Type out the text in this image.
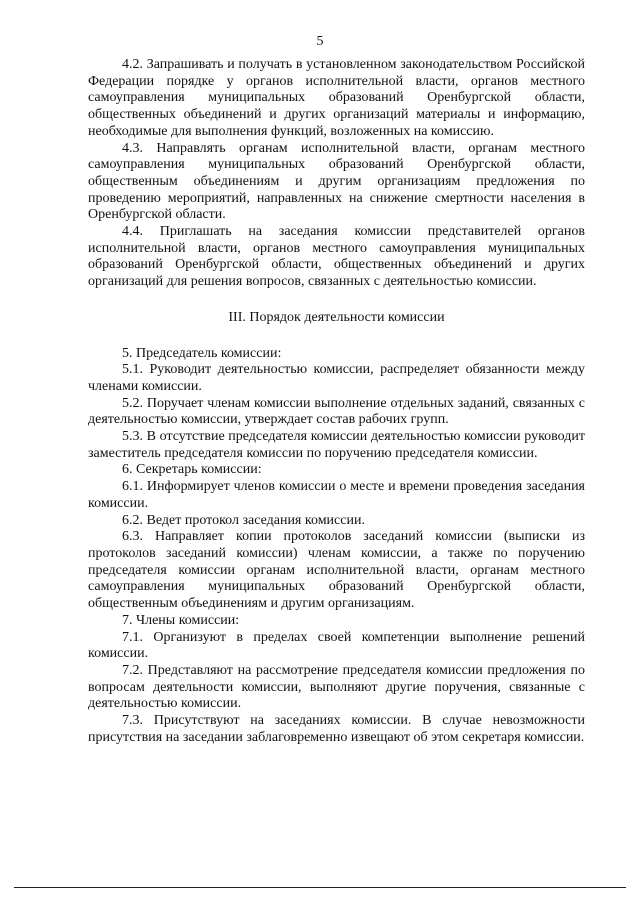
5

4.2. Запрашивать и получать в установленном законодательством Российской Федерации порядке у органов исполнительной власти, органов местного самоуправления муниципальных образований Оренбургской области, общественных объединений и других организаций материалы и информацию, необходимые для выполнения функций, возложенных на комиссию.

4.3. Направлять органам исполнительной власти, органам местного самоуправления муниципальных образований Оренбургской области, общественным объединениям и другим организациям предложения по проведению мероприятий, направленных на снижение смертности населения в Оренбургской области.

4.4. Приглашать на заседания комиссии представителей органов исполнительной власти, органов местного самоуправления муниципальных образований Оренбургской области, общественных объединений и других организаций для решения вопросов, связанных с деятельностью комиссии.

III. Порядок деятельности комиссии

5. Председатель комиссии:

5.1. Руководит деятельностью комиссии, распределяет обязанности между членами комиссии.

5.2. Поручает членам комиссии выполнение отдельных заданий, связанных с деятельностью комиссии, утверждает состав рабочих групп.

5.3. В отсутствие председателя комиссии деятельностью комиссии руководит заместитель председателя комиссии по поручению председателя комиссии.

6. Секретарь комиссии:

6.1. Информирует членов комиссии о месте и времени проведения заседания комиссии.

6.2. Ведет протокол заседания комиссии.

6.3. Направляет копии протоколов заседаний комиссии (выписки из протоколов заседаний комиссии) членам комиссии, а также по поручению председателя комиссии органам исполнительной власти, органам местного самоуправления муниципальных образований Оренбургской области, общественным объединениям и другим организациям.

7. Члены комиссии:

7.1. Организуют в пределах своей компетенции выполнение решений комиссии.

7.2. Представляют на рассмотрение председателя комиссии предложения по вопросам деятельности комиссии, выполняют другие поручения, связанные с деятельностью комиссии.

7.3. Присутствуют на заседаниях комиссии. В случае невозможности присутствия на заседании заблаговременно извещают об этом секретаря комиссии.
